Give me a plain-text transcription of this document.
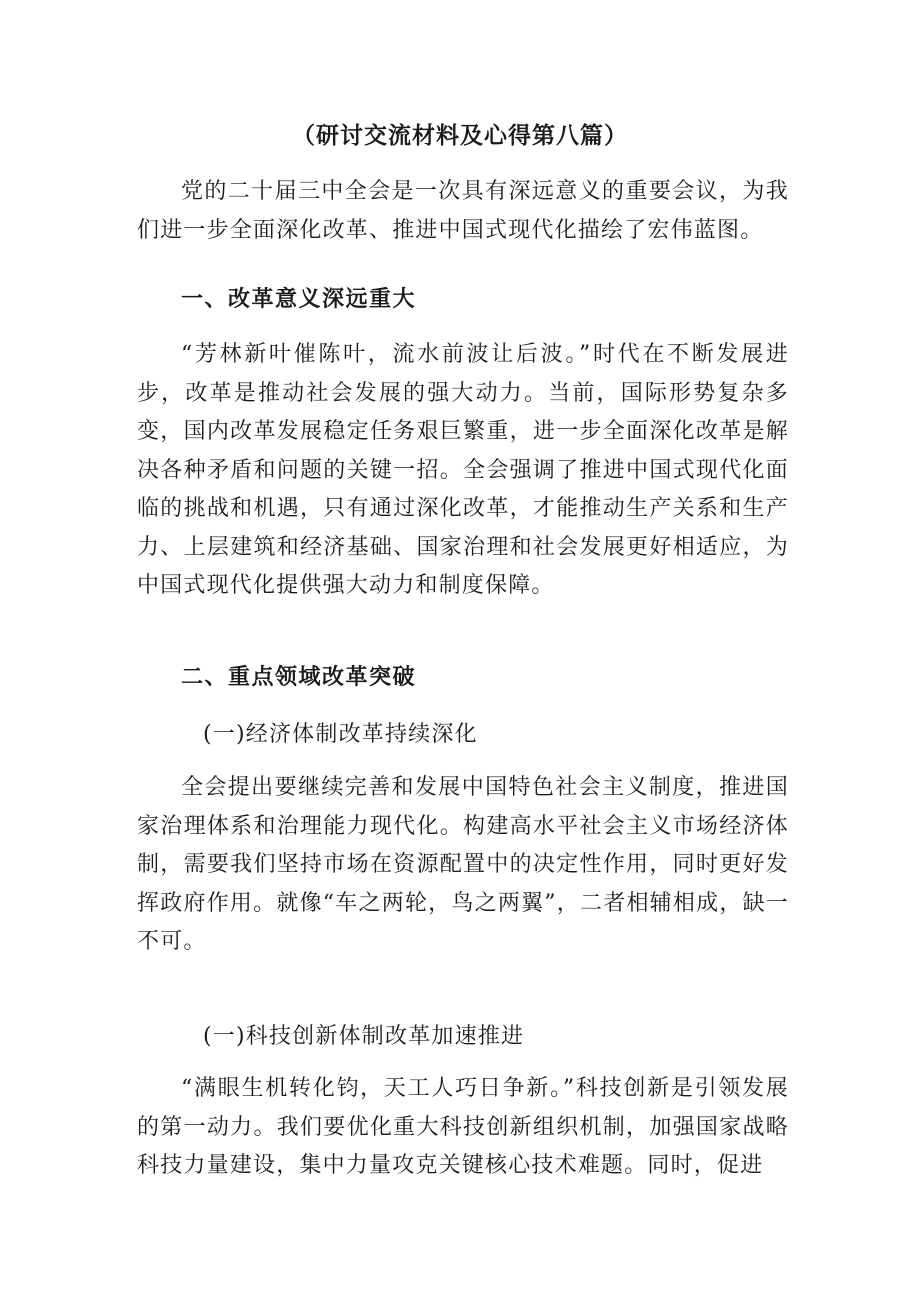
（研讨交流材料及心得第八篇）

党的二十届三中全会是一次具有深远意义的重要会议，为我们进一步全面深化改革、推进中国式现代化描绘了宏伟蓝图。

一、改革意义深远重大

“芳林新叶催陈叶，流水前波让后波。”时代在不断发展进步，改革是推动社会发展的强大动力。当前，国际形势复杂多变，国内改革发展稳定任务艰巨繁重，进一步全面深化改革是解决各种矛盾和问题的关键一招。全会强调了推进中国式现代化面临的挑战和机遇，只有通过深化改革，才能推动生产关系和生产力、上层建筑和经济基础、国家治理和社会发展更好相适应，为中国式现代化提供强大动力和制度保障。

二、重点领域改革突破
(一)经济体制改革持续深化

全会提出要继续完善和发展中国特色社会主义制度，推进国家治理体系和治理能力现代化。构建高水平社会主义市场经济体制，需要我们坚持市场在资源配置中的决定性作用，同时更好发挥政府作用。就像“车之两轮，鸟之两翼”，二者相辅相成，缺一不可。

(一)科技创新体制改革加速推进

“满眼生机转化钧，天工人巧日争新。”科技创新是引领发展的第一动力。我们要优化重大科技创新组织机制，加强国家战略科技力量建设，集中力量攻克关键核心技术难题。同时，促进
